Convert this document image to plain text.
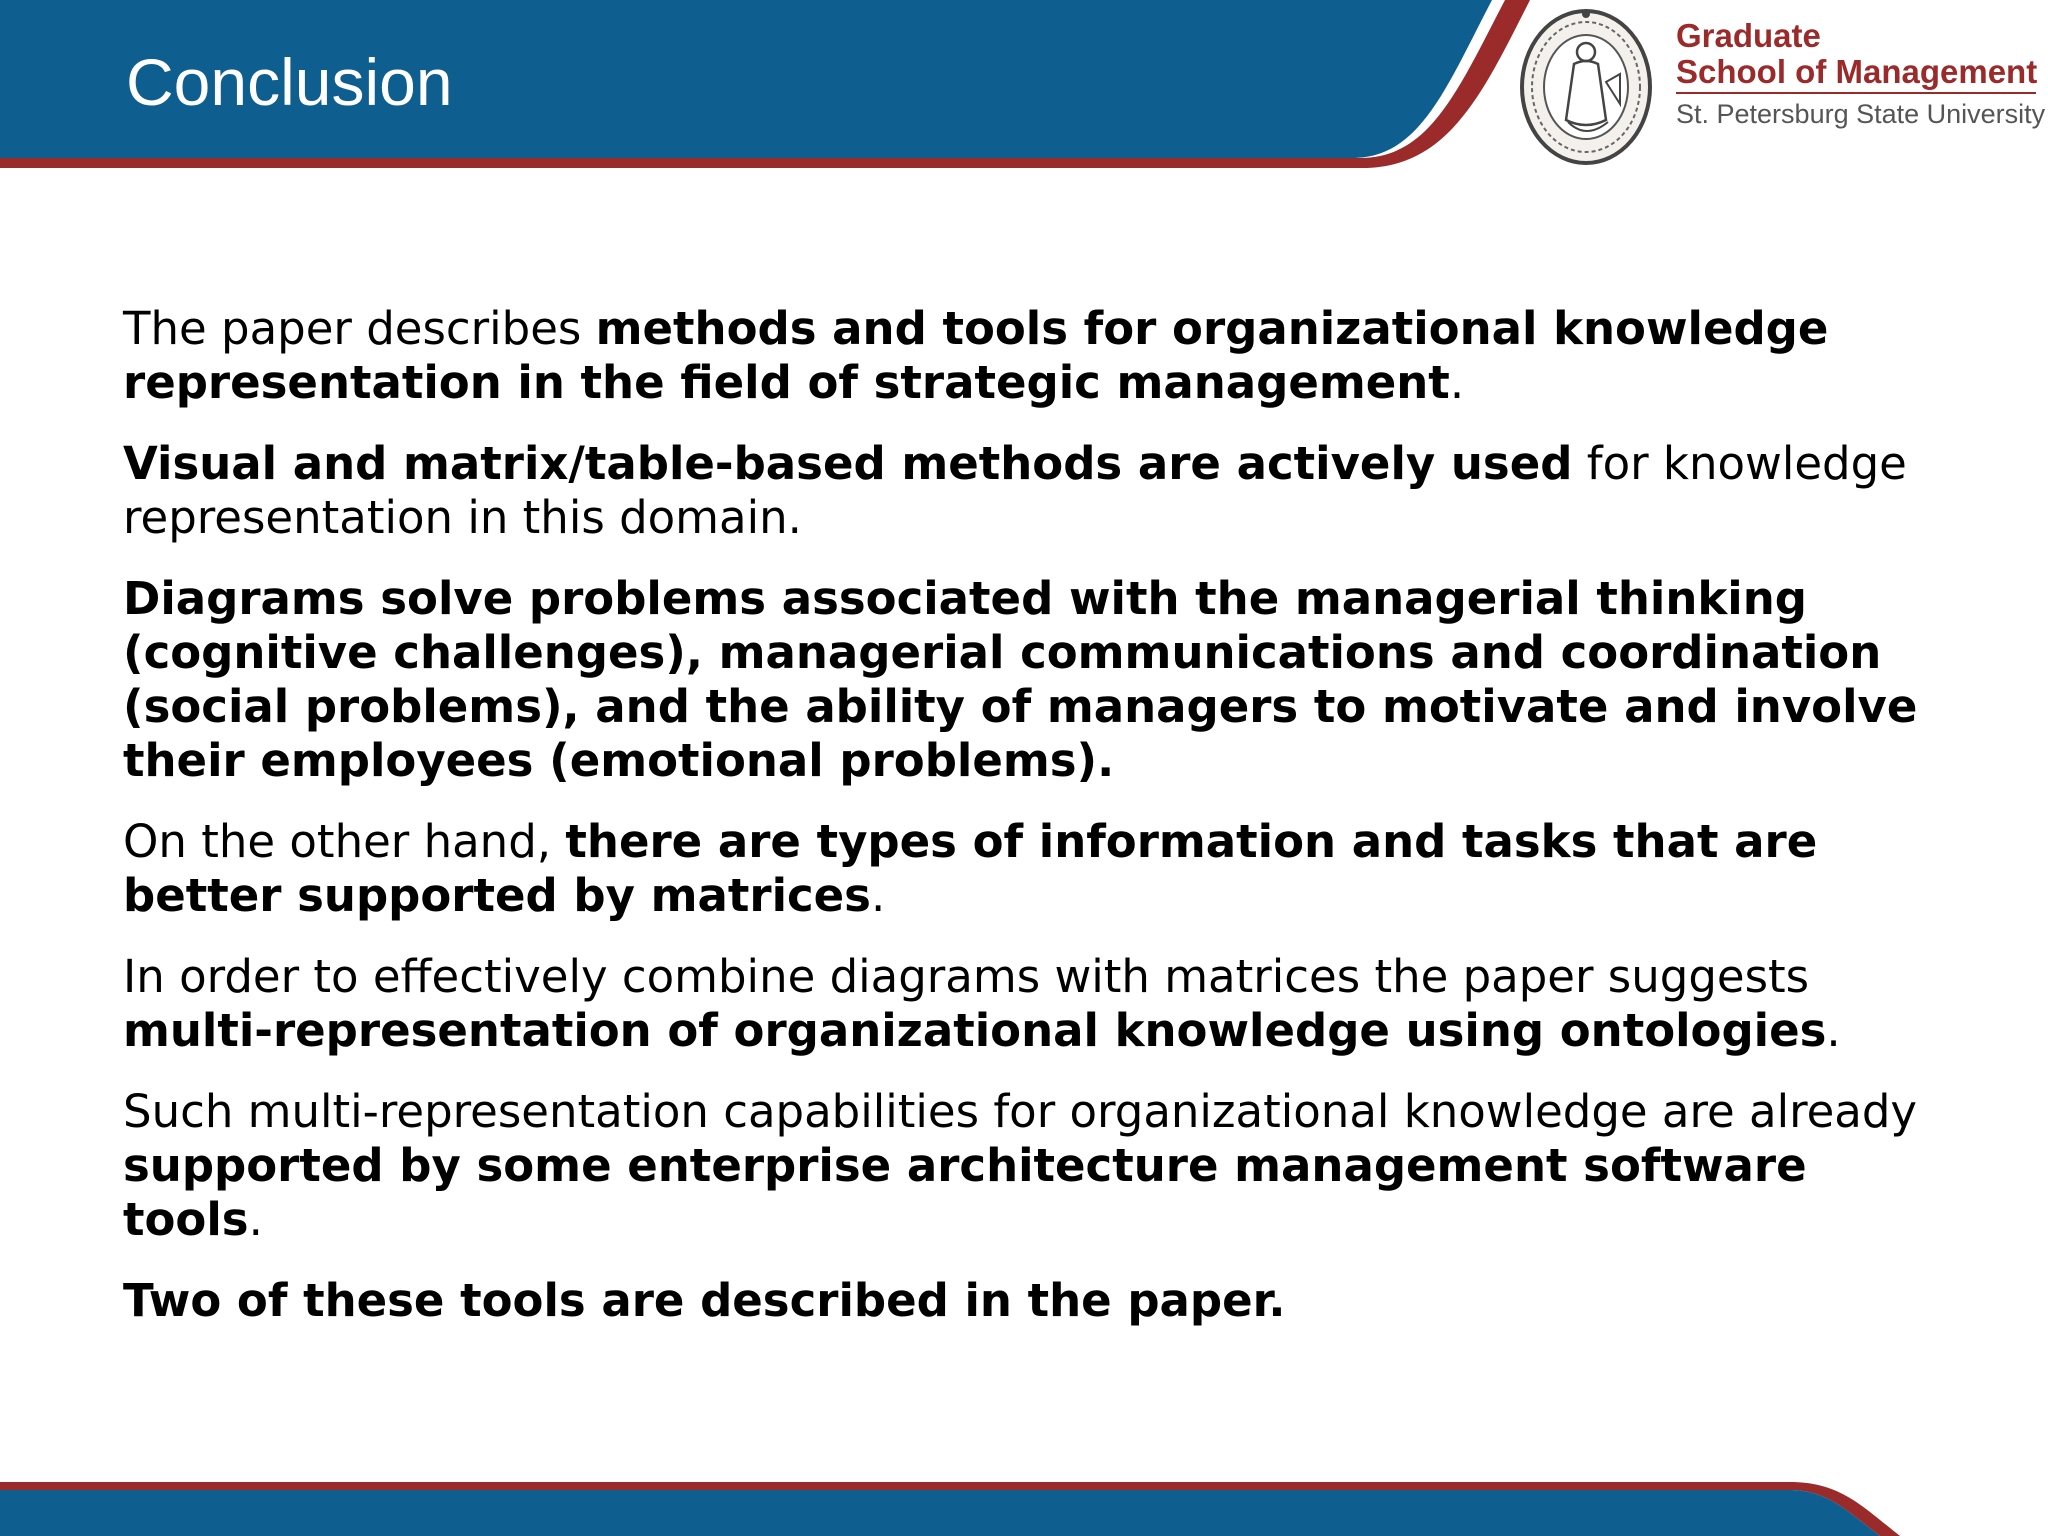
Conclusion
Graduate
School of Management
St. Petersburg State University

The paper describes methods and tools for organizational knowledge representation in the field of strategic management.

Visual and matrix/table-based methods are actively used for knowledge representation in this domain.

Diagrams solve problems associated with the managerial thinking (cognitive challenges), managerial communications and coordination (social problems), and the ability of managers to motivate and involve their employees (emotional problems).

On the other hand, there are types of information and tasks that are better supported by matrices.

In order to effectively combine diagrams with matrices the paper suggests multi-representation of organizational knowledge using ontologies.

Such multi-representation capabilities for organizational knowledge are already supported by some enterprise architecture management software tools.

Two of these tools are described in the paper.
